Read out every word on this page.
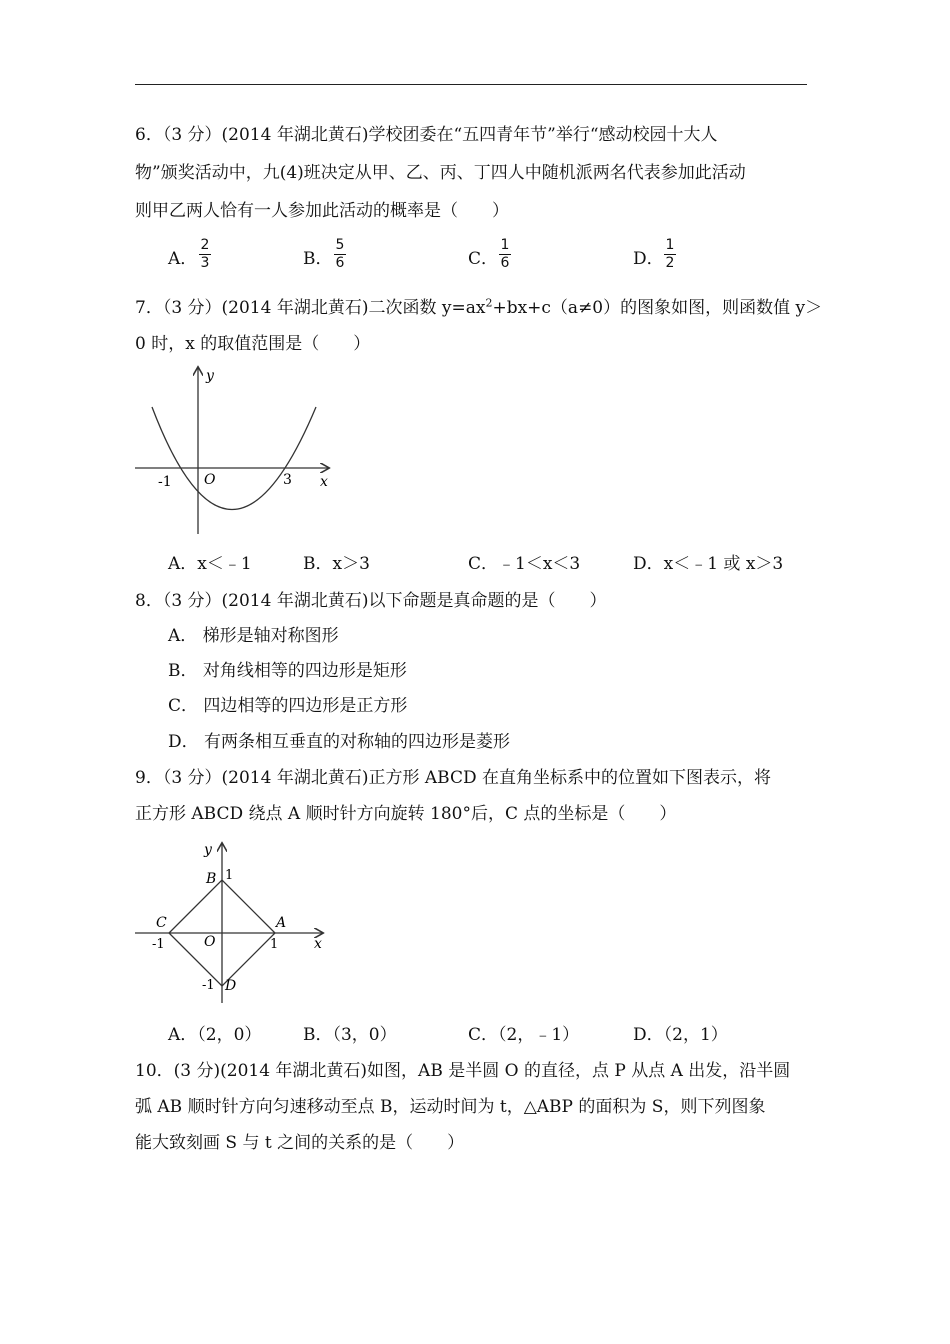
6．（3 分）(2014 年湖北黄石)学校团委在“五四青年节”举行“感动校园十大人
物”颁奖活动中，九(4)班决定从甲、乙、丙、丁四人中随机派两名代表参加此活动
则甲乙两人恰有一人参加此活动的概率是（　　）
A．
2
3	B．
5
6	C．
1
6	D．
1
2
7．（3 分）(2014 年湖北黄石)二次函数 $y=ax^2+bx+c(a\ne 0)$的图象如图，则函数值 y＞
0 时，x 的取值范围是（　　）
y
x
O
-1	3
A．x＜﹣1	B．x＞3	C．﹣1＜x＜3	D．x＜﹣1 或 x＞3
8．（3 分）(2014 年湖北黄石)以下命题是真命题的是（　　）
A． 梯形是轴对称图形
B． 对角线相等的四边形是矩形
C． 四边相等的四边形是正方形
D． 有两条相互垂直的对称轴的四边形是菱形
9．（3 分）(2014 年湖北黄石)正方形 ABCD 在直角坐标系中的位置如下图表示，将
正方形 ABCD 绕点 A 顺时针方向旋转 180°后，C 点的坐标是（　　）
y
x
O
A
B
C
D
1
-1
1
-1
A．（2，0） B．（3，0）	C．（2，﹣1）	D．（2，1）
10．(3 分)(2014 年湖北黄石)如图，AB 是半圆 O 的直径，点 P 从点 A 出发，沿半圆
弧 AB 顺时针方向匀速移动至点 B，运动时间为 t，△ABP 的面积为 S，则下列图象
能大致刻画 S 与 t 之间的关系的是（　　）
